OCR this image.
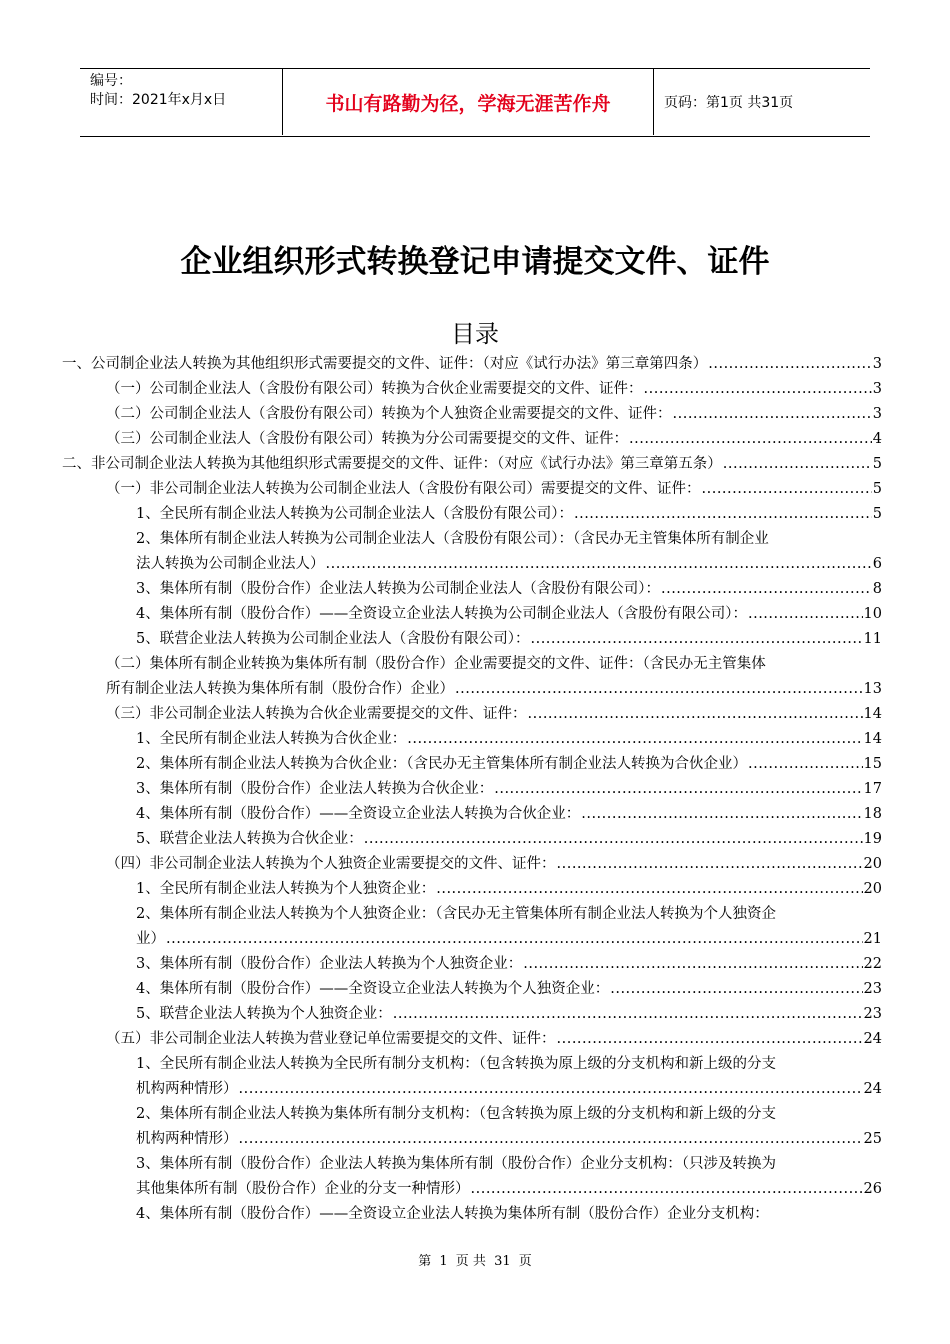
编号：
时间：2021年x月x日	书山有路勤为径，学海无涯苦作舟	页码：第1页 共31页
企业组织形式转换登记申请提交文件、证件
目录
一、公司制企业法人转换为其他组织形式需要提交的文件、证件：（对应《试行办法》第三章第四条） .....	3
（一）公司制企业法人（含股份有限公司）转换为合伙企业需要提交的文件、证件： .....	3
（二）公司制企业法人（含股份有限公司）转换为个人独资企业需要提交的文件、证件： .....	3
（三）公司制企业法人（含股份有限公司）转换为分公司需要提交的文件、证件： .....	4
二、非公司制企业法人转换为其他组织形式需要提交的文件、证件：（对应《试行办法》第三章第五条） .....	5
（一）非公司制企业法人转换为公司制企业法人（含股份有限公司）需要提交的文件、证件： .....	5
1、全民所有制企业法人转换为公司制企业法人（含股份有限公司）： .....	5
2、集体所有制企业法人转换为公司制企业法人（含股份有限公司）：（含民办无主管集体所有制企业
法人转换为公司制企业法人） .....	6
3、集体所有制（股份合作）企业法人转换为公司制企业法人（含股份有限公司）： .....	8
4、集体所有制（股份合作）——全资设立企业法人转换为公司制企业法人（含股份有限公司）： .....	10
5、联营企业法人转换为公司制企业法人（含股份有限公司）： .....	11
（二）集体所有制企业转换为集体所有制（股份合作）企业需要提交的文件、证件：（含民办无主管集体
所有制企业法人转换为集体所有制（股份合作）企业） .....	13
（三）非公司制企业法人转换为合伙企业需要提交的文件、证件： .....	14
1、全民所有制企业法人转换为合伙企业： .....	14
2、集体所有制企业法人转换为合伙企业：（含民办无主管集体所有制企业法人转换为合伙企业） .....	15
3、集体所有制（股份合作）企业法人转换为合伙企业： .....	17
4、集体所有制（股份合作）——全资设立企业法人转换为合伙企业： .....	18
5、联营企业法人转换为合伙企业： .....	19
（四）非公司制企业法人转换为个人独资企业需要提交的文件、证件： .....	20
1、全民所有制企业法人转换为个人独资企业： .....	20
2、集体所有制企业法人转换为个人独资企业：（含民办无主管集体所有制企业法人转换为个人独资企
业） .....	21
3、集体所有制（股份合作）企业法人转换为个人独资企业： .....	22
4、集体所有制（股份合作）——全资设立企业法人转换为个人独资企业： .....	23
5、联营企业法人转换为个人独资企业： .....	23
（五）非公司制企业法人转换为营业登记单位需要提交的文件、证件： .....	24
1、全民所有制企业法人转换为全民所有制分支机构：（包含转换为原上级的分支机构和新上级的分支
机构两种情形） .....	24
2、集体所有制企业法人转换为集体所有制分支机构：（包含转换为原上级的分支机构和新上级的分支
机构两种情形） .....	25
3、集体所有制（股份合作）企业法人转换为集体所有制（股份合作）企业分支机构：（只涉及转换为
其他集体所有制（股份合作）企业的分支一种情形） .....	26
4、集体所有制（股份合作）——全资设立企业法人转换为集体所有制（股份合作）企业分支机构：
第 1 页 共 31 页
